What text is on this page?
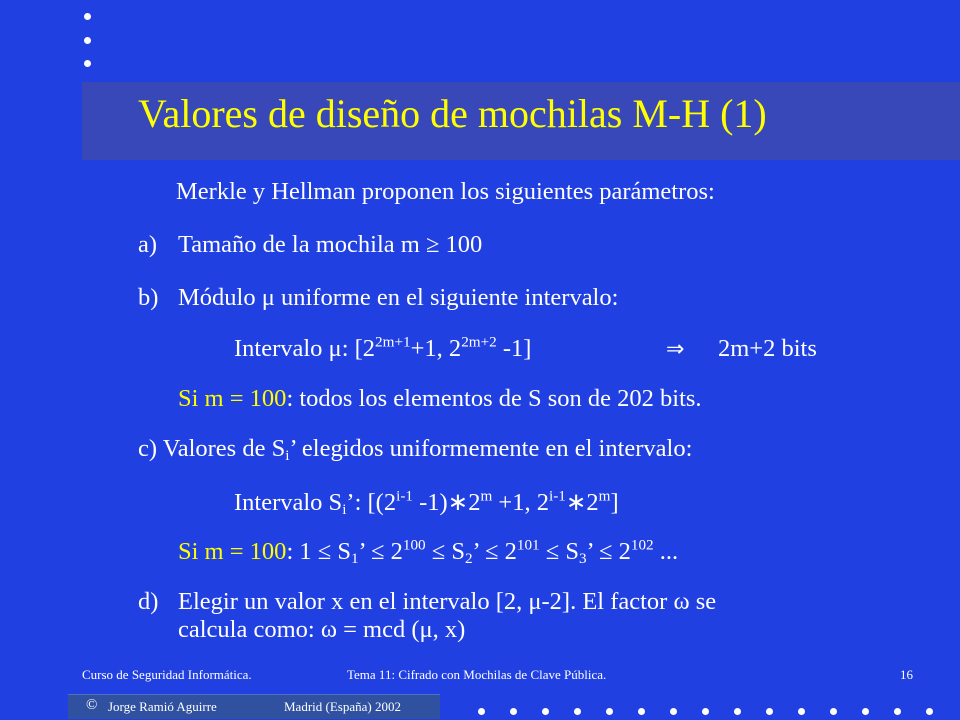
Valores de diseño de mochilas M-H (1)
Merkle y Hellman proponen los siguientes parámetros:
a) Tamaño de la mochila m ≥ 100
b) Módulo μ uniforme en el siguiente intervalo:
Intervalo μ: [$2^{2m+1}+1$, $2^{2m+2}$ -1]	⇒ 2m+2 bits
Si m = 100: todos los elementos de S son de 202 bits.
c) Valores de $S_i$’ elegidos uniformemente en el intervalo:
Intervalo $S_i$’: [(2$^{i-1}$ $-1)∗2^m +1$, 2$^{i-1}$∗2$^m$]
Si m = 100: $1 \le S_1$’ ≤ $2^{100} \le S_2$’ ≤ $2^{101} \le S_3$’ ≤ $2^{102}$ ...
d) Elegir un valor x en el intervalo [2, μ-2]. El factor ω se
calcula como: ω = mcd (μ, x)
Curso de Seguridad Informática.	Tema 11: Cifrado con Mochilas de Clave Pública.	16
© Jorge Ramió Aguirre	Madrid (España) 2002
